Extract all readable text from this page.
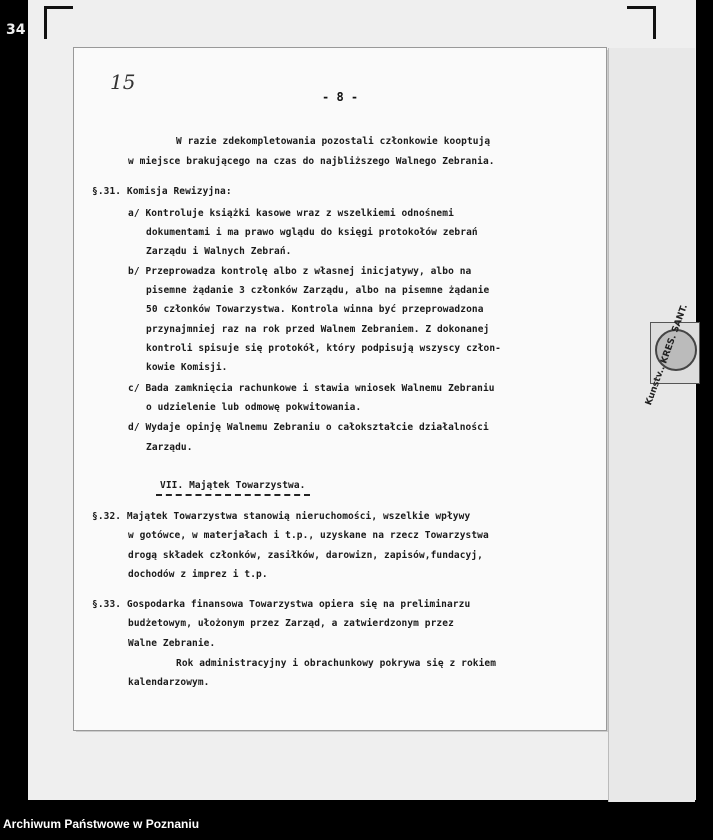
34
15
- 8 -
Kunstv.. KRES. SANT.
W razie zdekompletowania pozostali członkowie kooptują
w miejsce brakującego na czas do najbliższego Walnego Zebrania.
§.31. Komisja Rewizyjna:
a/ Kontroluje książki kasowe wraz z wszelkiemi odnośnemi
dokumentami i ma prawo wglądu do księgi protokołów zebrań
Zarządu i Walnych Zebrań.
b/ Przeprowadza kontrolę albo z własnej inicjatywy, albo na
pisemne żądanie 3 członków Zarządu, albo na pisemne żądanie
50 członków Towarzystwa. Kontrola winna być przeprowadzona
przynajmniej raz na rok przed Walnem Zebraniem. Z dokonanej
kontroli spisuje się protokół, który podpisują wszyscy człon-
kowie Komisji.
c/ Bada zamknięcia rachunkowe i stawia wniosek Walnemu Zebraniu
o udzielenie lub odmowę pokwitowania.
d/ Wydaje opinję Walnemu Zebraniu o całokształcie działalności
Zarządu.
VII. Majątek Towarzystwa.
§.32. Majątek Towarzystwa stanowią nieruchomości, wszelkie wpływy
w gotówce, w materjałach i t.p., uzyskane na rzecz Towarzystwa
drogą składek członków, zasiłków, darowizn, zapisów,fundacyj,
dochodów z imprez i t.p.
§.33. Gospodarka finansowa Towarzystwa opiera się na preliminarzu
budżetowym, ułożonym przez Zarząd, a zatwierdzonym przez
Walne Zebranie.
Rok administracyjny i obrachunkowy pokrywa się z rokiem
kalendarzowym.
Archiwum Państwowe w Poznaniu
